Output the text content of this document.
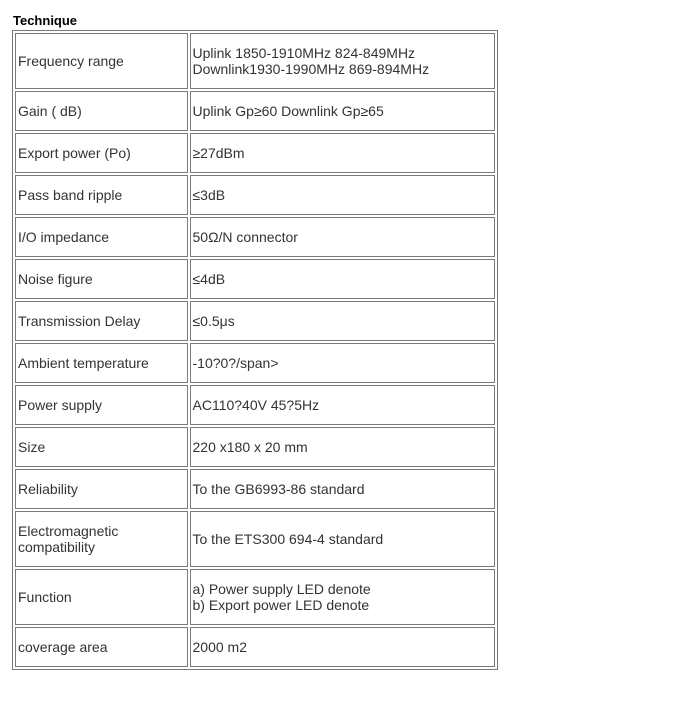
Technique
Frequency range	Uplink 1850-1910MHz 824-849MHz
Downlink1930-1990MHz 869-894MHz

Gain ( dB)	Uplink Gp≥60 Downlink Gp≥65

Export power (Po)	≥27dBm

Pass band ripple	≤3dB

I/O impedance	50Ω/N connector

Noise figure	≤4dB

Transmission Delay	≤0.5μs

Ambient temperature	-10?0?/span>

Power supply	AC110?40V 45?5Hz

Size	220 x180 x 20 mm

Reliability	To the GB6993-86 standard

Electromagnetic
compatibility	To the ETS300 694-4 standard

Function	a) Power supply LED denote
b) Export power LED denote

coverage area	2000 m2
